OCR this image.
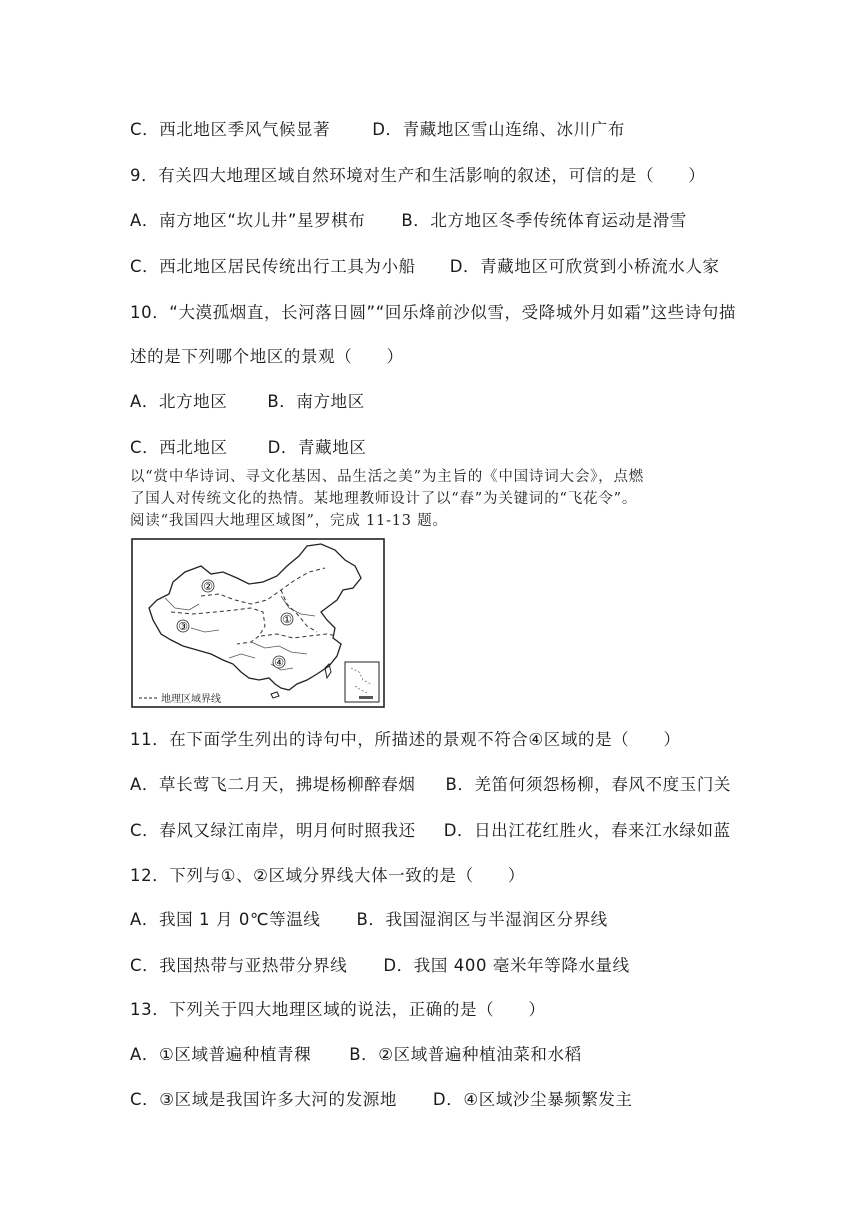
C．西北地区季风气候显著	D．青藏地区雪山连绵、冰川广布
9．有关四大地理区域自然环境对生产和生活影响的叙述，可信的是（　　）
A．南方地区“坎儿井”星罗棋布 B．北方地区冬季传统体育运动是滑雪
C．西北地区居民传统出行工具为小船 D．青藏地区可欣赏到小桥流水人家
10．“大漠孤烟直，长河落日圆”“回乐烽前沙似雪，受降城外月如霜”这些诗句描
述的是下列哪个地区的景观（　　）
A．北方地区 B．南方地区
C．西北地区 D．青藏地区
以“赏中华诗词、寻文化基因、品生活之美”为主旨的《中国诗词大会》，点燃
了国人对传统文化的热情。某地理教师设计了以“春”为关键词的“飞花令”。
阅读“我国四大地理区域图”，完成 11-13 题。
②
③
①
④
地理区域界线
11．在下面学生列出的诗句中，所描述的景观不符合④区域的是（　　）
A．草长莺飞二月天，拂堤杨柳醉春烟 B．羌笛何须怨杨柳，春风不度玉门关
C．春风又绿江南岸，明月何时照我还 D．日出江花红胜火，春来江水绿如蓝
12．下列与①、②区域分界线大体一致的是（　　）
A．我国 1 月 0℃等温线 B．我国湿润区与半湿润区分界线
C．我国热带与亚热带分界线 D．我国 400 毫米年等降水量线
13．下列关于四大地理区域的说法，正确的是（　　）
A．①区域普遍种植青稞 B．②区域普遍种植油菜和水稻
C．③区域是我国许多大河的发源地 D．④区域沙尘暴频繁发主
